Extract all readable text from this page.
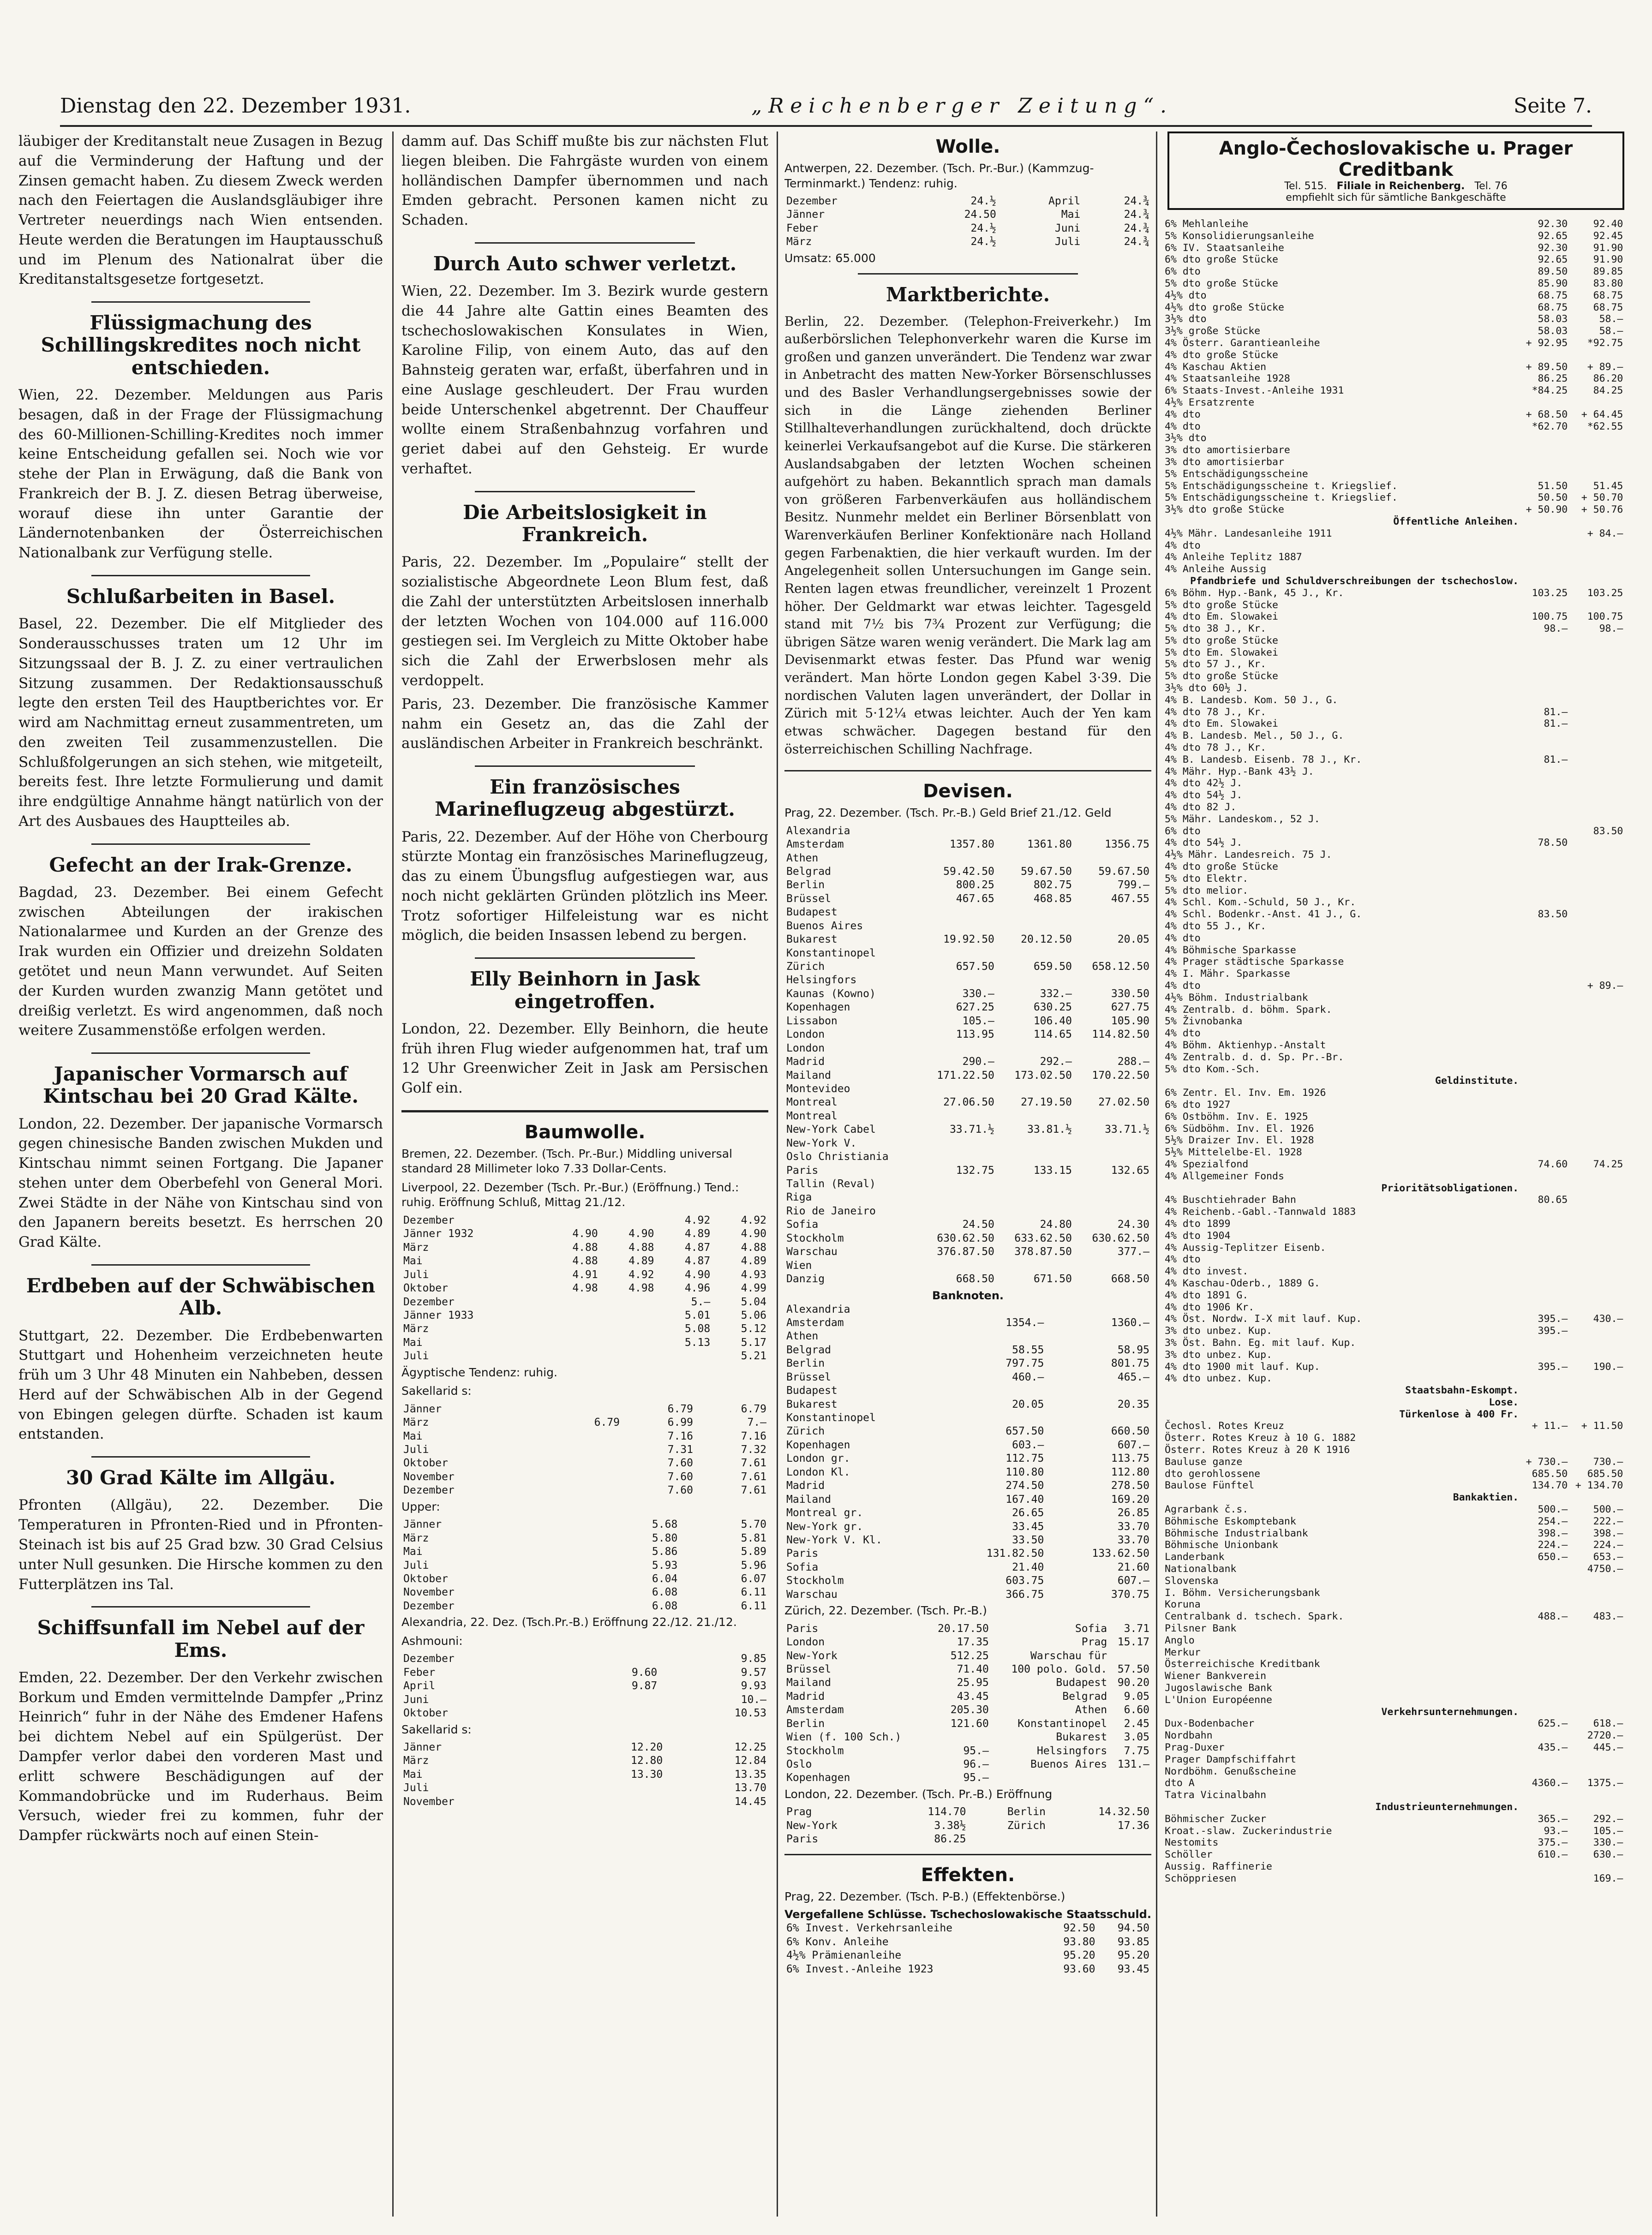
Dienstag den 22. Dezember 1931.	„Reichenberger Zeitung“.	Seite 7.

läubiger der Kreditanstalt neue Zusagen in Bezug auf die Verminderung der Haftung und der Zinsen gemacht haben. Zu diesem Zweck werden nach den Feiertagen die Auslandsgläubiger ihre Vertreter neuerdings nach Wien entsenden. Heute werden die Beratungen im Hauptausschuß und im Plenum des Nationalrat über die Kreditanstaltsgesetze fortgesetzt.

Flüssigmachung des Schillingskredites noch nicht entschieden.

Wien, 22. Dezember. Meldungen aus Paris besagen, daß in der Frage der Flüssigmachung des 60-Millionen-Schilling-Kredites noch immer keine Entscheidung gefallen sei. Noch wie vor stehe der Plan in Erwägung, daß die Bank von Frankreich der B. J. Z. diesen Betrag überweise, worauf diese ihn unter Garantie der Ländernotenbanken der Österreichischen Nationalbank zur Verfügung stelle.

Schlußarbeiten in Basel.

Basel, 22. Dezember. Die elf Mitglieder des Sonderausschusses traten um 12 Uhr im Sitzungssaal der B. J. Z. zu einer vertraulichen Sitzung zusammen. Der Redaktionsausschuß legte den ersten Teil des Hauptberichtes vor. Er wird am Nachmittag erneut zusammentreten, um den zweiten Teil zusammenzustellen. Die Schlußfolgerungen an sich stehen, wie mitgeteilt, bereits fest. Ihre letzte Formulierung und damit ihre endgültige Annahme hängt natürlich von der Art des Ausbaues des Hauptteiles ab.

Gefecht an der Irak-Grenze.

Bagdad, 23. Dezember. Bei einem Gefecht zwischen Abteilungen der irakischen Nationalarmee und Kurden an der Grenze des Irak wurden ein Offizier und dreizehn Soldaten getötet und neun Mann verwundet. Auf Seiten der Kurden wurden zwanzig Mann getötet und dreißig verletzt. Es wird angenommen, daß noch weitere Zusammenstöße erfolgen werden.

Japanischer Vormarsch auf Kintschau bei 20 Grad Kälte.

London, 22. Dezember. Der japanische Vormarsch gegen chinesische Banden zwischen Mukden und Kintschau nimmt seinen Fortgang. Die Japaner stehen unter dem Oberbefehl von General Mori. Zwei Städte in der Nähe von Kintschau sind von den Japanern bereits besetzt. Es herrschen 20 Grad Kälte.

Erdbeben auf der Schwäbischen Alb.

Stuttgart, 22. Dezember. Die Erdbebenwarten Stuttgart und Hohenheim verzeichneten heute früh um 3 Uhr 48 Minuten ein Nahbeben, dessen Herd auf der Schwäbischen Alb in der Gegend von Ebingen gelegen dürfte. Schaden ist kaum entstanden.

30 Grad Kälte im Allgäu.

Pfronten (Allgäu), 22. Dezember. Die Temperaturen in Pfronten-Ried und in Pfronten-Steinach ist bis auf 25 Grad bzw. 30 Grad Celsius unter Null gesunken. Die Hirsche kommen zu den Futterplätzen ins Tal.

Schiffsunfall im Nebel auf der Ems.

Emden, 22. Dezember. Der den Verkehr zwischen Borkum und Emden vermittelnde Dampfer „Prinz Heinrich“ fuhr in der Nähe des Emdener Hafens bei dichtem Nebel auf ein Spülgerüst. Der Dampfer verlor dabei den vorderen Mast und erlitt schwere Beschädigungen auf der Kommandobrücke und im Ruderhaus. Beim Versuch, wieder frei zu kommen, fuhr der Dampfer rückwärts noch auf einen Stein-

damm auf. Das Schiff mußte bis zur nächsten Flut liegen bleiben. Die Fahrgäste wurden von einem holländischen Dampfer übernommen und nach Emden gebracht. Personen kamen nicht zu Schaden.

Durch Auto schwer verletzt.

Wien, 22. Dezember. Im 3. Bezirk wurde gestern die 44 Jahre alte Gattin eines Beamten des tschechoslowakischen Konsulates in Wien, Karoline Filip, von einem Auto, das auf den Bahnsteig geraten war, erfaßt, überfahren und in eine Auslage geschleudert. Der Frau wurden beide Unterschenkel abgetrennt. Der Chauffeur wollte einem Straßenbahnzug vorfahren und geriet dabei auf den Gehsteig. Er wurde verhaftet.

Die Arbeitslosigkeit in Frankreich.

Paris, 22. Dezember. Im „Populaire“ stellt der sozialistische Abgeordnete Leon Blum fest, daß die Zahl der unterstützten Arbeitslosen innerhalb der letzten Wochen von 104.000 auf 116.000 gestiegen sei. Im Vergleich zu Mitte Oktober habe sich die Zahl der Erwerbslosen mehr als verdoppelt.

Paris, 23. Dezember. Die französische Kammer nahm ein Gesetz an, das die Zahl der ausländischen Arbeiter in Frankreich beschränkt.

Ein französisches Marineflugzeug abgestürzt.

Paris, 22. Dezember. Auf der Höhe von Cherbourg stürzte Montag ein französisches Marineflugzeug, das zu einem Übungsflug aufgestiegen war, aus noch nicht geklärten Gründen plötzlich ins Meer. Trotz sofortiger Hilfeleistung war es nicht möglich, die beiden Insassen lebend zu bergen.

Elly Beinhorn in Jask eingetroffen.

London, 22. Dezember. Elly Beinhorn, die heute früh ihren Flug wieder aufgenommen hat, traf um 12 Uhr Greenwicher Zeit in Jask am Persischen Golf ein.

Baumwolle.
Bremen, 22. Dezember. (Tsch. Pr.-Bur.) Middling universal standard 28 Millimeter loko 7.33 Dollar-Cents.
Liverpool, 22. Dezember (Tsch. Pr.-Bur.) (Eröffnung.) Tend.: ruhig. Eröffnung Schluß, Mittag 21./12.
Dezember			4.92	4.92
Jänner 1932	4.90	4.90	4.89	4.90
März	4.88	4.88	4.87	4.88
Mai	4.88	4.89	4.87	4.89
Juli	4.91	4.92	4.90	4.93
Oktober	4.98	4.98	4.96	4.99
Dezember			5.—	5.04
Jänner 1933			5.01	5.06
März			5.08	5.12
Mai			5.13	5.17
Juli				5.21
Ägyptische Tendenz: ruhig.
Sakellarid s:
Jänner			6.79	6.79
März		6.79	6.99	7.—
Mai			7.16	7.16
Juli			7.31	7.32
Oktober			7.60	7.61
November			7.60	7.61
Dezember			7.60	7.61
Upper:
Jänner			5.68	5.70
März			5.80	5.81
Mai			5.86	5.89
Juli			5.93	5.96
Oktober			6.04	6.07
November			6.08	6.11
Dezember			6.08	6.11
Alexandria, 22. Dez. (Tsch.Pr.-B.) Eröffnung 22./12. 21./12.
Ashmouni:
Dezember		9.85
Feber	9.60	9.57
April	9.87	9.93
Juni		10.—
Oktober		10.53
Sakellarid s:
Jänner	12.20	12.25
März	12.80	12.84
Mai	13.30	13.35
Juli		13.70
November		14.45
Wolle.
Antwerpen, 22. Dezember. (Tsch. Pr.-Bur.) (Kammzug-Terminmarkt.) Tendenz: ruhig.
Dezember	24.½	April	24.¾
Jänner	24.50	Mai	24.¾
Feber	24.½	Juni	24.¾
März	24.½	Juli	24.¾
Umsatz: 65.000
Marktberichte.

Berlin, 22. Dezember. (Telephon-Freiverkehr.) Im außerbörslichen Telephonverkehr waren die Kurse im großen und ganzen unverändert. Die Tendenz war zwar in Anbetracht des matten New-Yorker Börsenschlusses und des Basler Verhandlungsergebnisses sowie der sich in die Länge ziehenden Berliner Stillhalteverhandlungen zurückhaltend, doch drückte keinerlei Verkaufsangebot auf die Kurse. Die stärkeren Auslandsabgaben der letzten Wochen scheinen aufgehört zu haben. Bekanntlich sprach man damals von größeren Farbenverkäufen aus holländischem Besitz. Nunmehr meldet ein Berliner Börsenblatt von Warenverkäufen Berliner Konfektionäre nach Holland gegen Farbenaktien, die hier verkauft wurden. Im der Angelegenheit sollen Untersuchungen im Gange sein. Renten lagen etwas freundlicher, vereinzelt 1 Prozent höher. Der Geldmarkt war etwas leichter. Tagesgeld stand mit 7½ bis 7¾ Prozent zur Verfügung; die übrigen Sätze waren wenig verändert. Die Mark lag am Devisenmarkt etwas fester. Das Pfund war wenig verändert. Man hörte London gegen Kabel 3·39. Die nordischen Valuten lagen unverändert, der Dollar in Zürich mit 5·12¼ etwas leichter. Auch der Yen kam etwas schwächer. Dagegen bestand für den österreichischen Schilling Nachfrage.

Devisen.
Prag, 22. Dezember. (Tsch. Pr.-B.) Geld Brief 21./12. Geld
Alexandria			
Amsterdam	1357.80	1361.80	1356.75
Athen			
Belgrad	59.42.50	59.67.50	59.67.50
Berlin	800.25	802.75	799.—
Brüssel	467.65	468.85	467.55
Budapest			
Buenos Aires			
Bukarest	19.92.50	20.12.50	20.05
Konstantinopel			
Zürich	657.50	659.50	658.12.50
Helsingfors			
Kaunas (Kowno)	330.—	332.—	330.50
Kopenhagen	627.25	630.25	627.75
Lissabon	105.—	106.40	105.90
London	113.95	114.65	114.82.50
London			
Madrid	290.—	292.—	288.—
Mailand	171.22.50	173.02.50	170.22.50
Montevideo			
Montreal	27.06.50	27.19.50	27.02.50
Montreal			
New-York Cabel	33.71.½	33.81.½	33.71.½
New-York V.			
Oslo Christiania			
Paris	132.75	133.15	132.65
Tallin (Reval)			
Riga			
Rio de Janeiro			
Sofia	24.50	24.80	24.30
Stockholm	630.62.50	633.62.50	630.62.50
Warschau	376.87.50	378.87.50	377.—
Wien			
Danzig	668.50	671.50	668.50
Banknoten.
Alexandria			
Amsterdam	1354.—		1360.—
Athen			
Belgrad	58.55		58.95
Berlin	797.75		801.75
Brüssel	460.—		465.—
Budapest			
Bukarest	20.05		20.35
Konstantinopel			
Zürich	657.50		660.50
Kopenhagen	603.—		607.—
London gr.	112.75		113.75
London Kl.	110.80		112.80
Madrid	274.50		278.50
Mailand	167.40		169.20
Montreal gr.	26.65		26.85
New-York gr.	33.45		33.70
New-York V. Kl.	33.50		33.70
Paris	131.82.50		133.62.50
Sofia	21.40		21.60
Stockholm	603.75		607.—
Warschau	366.75		370.75
Zürich, 22. Dezember. (Tsch. Pr.-B.)
Paris	20.17.50	Sofia	3.71
London	17.35	Prag	15.17
New-York	512.25	Warschau für	
Brüssel	71.40	100 polo. Gold.	57.50
Mailand	25.95	Budapest	90.20
Madrid	43.45	Belgrad	9.05
Amsterdam	205.30	Athen	6.60
Berlin	121.60	Konstantinopel	2.45
Wien (f. 100 Sch.)		Bukarest	3.05
Stockholm	95.—	Helsingfors	7.75
Oslo	96.—	Buenos Aires	131.—
Kopenhagen	95.—		
London, 22. Dezember. (Tsch. Pr.-B.) Eröffnung
Prag	114.70	Berlin	14.32.50
New-York	3.38½	Zürich	17.36
Paris	86.25		
Effekten.
Prag, 22. Dezember. (Tsch. P-B.) (Effektenbörse.)
Vergefallene Schlüsse. Tschechoslowakische Staatsschuld.
6% Invest. Verkehrsanleihe	92.50	94.50
6% Konv. Anleihe	93.80	93.85
4½% Prämienanleihe	95.20	95.20
6% Invest.-Anleihe 1923	93.60	93.45
Anglo-Čechoslovakische u. Prager Creditbank
Tel. 515. Filiale in Reichenberg. Tel. 76
empfiehlt sich für sämtliche Bankgeschäfte
6% Mehlanleihe	92.30	92.40	
5% Konsolidierungsanleihe	92.65	92.45	
6% IV. Staatsanleihe	92.30	91.90	
6% dto große Stücke	92.65	91.90	
6% dto	89.50	89.85	
5% dto große Stücke	85.90	83.80	
4½% dto	68.75	68.75	
4½% dto große Stücke	68.75	68.75	
3½% dto	58.03	58.—	
3½% große Stücke	58.03	58.—	
4% Österr. Garantieanleihe	+ 92.95	*92.75	
4% dto große Stücke			
4% Kaschau Aktien	+ 89.50	+ 89.—	
4% Staatsanleihe 1928	86.25	86.20	
6% Staats-Invest.-Anleihe 1931	*84.25	84.25	
4½% Ersatzrente			
4% dto	+ 68.50	+ 64.45	
4% dto	*62.70	*62.55	
3½% dto			
3% dto amortisierbare			
3% dto amortisierbar			
5% Entschädigungsscheine			
5% Entschädigungsscheine t. Kriegslief.	51.50	51.45	
5% Entschädigungsscheine t. Kriegslief.	50.50	+ 50.70	
3½% dto große Stücke	+ 50.90	+ 50.76	
Öffentliche Anleihen.			
4½% Mähr. Landesanleihe 1911		+ 84.—	
4% dto			
4% Anleihe Teplitz 1887			
4% Anleihe Aussig			
Pfandbriefe und Schuldverschreibungen der tschechoslow.			
6% Böhm. Hyp.-Bank, 45 J., Kr.	103.25	103.25	
5% dto große Stücke			
4% dto Em. Slowakei	100.75	100.75	
5% dto 38 J., Kr.	98.—	98.—	
5% dto große Stücke			
5% dto Em. Slowakei			
5% dto 57 J., Kr.			
5% dto große Stücke			
3½% dto 60½ J.			
4% B. Landesb. Kom. 50 J., G.			
4% dto 78 J., Kr.	81.—		
4% dto Em. Slowakei	81.—		
4% B. Landesb. Mel., 50 J., G.			
4% dto 78 J., Kr.			
4% B. Landesb. Eisenb. 78 J., Kr.	81.—		
4% Mähr. Hyp.-Bank 43½ J.			
4% dto 42½ J.			
4% dto 54½ J.			
4% dto 82 J.			
5% Mähr. Landeskom., 52 J.			
6% dto		83.50	
4% dto 54½ J.	78.50		
4½% Mähr. Landesreich. 75 J.			
4% dto große Stücke			
5% dto Elektr.			
5% dto melior.			
4% Schl. Kom.-Schuld, 50 J., Kr.			
4% Schl. Bodenkr.-Anst. 41 J., G.	83.50		
4% dto 55 J., Kr.			
4% dto			
4% Böhmische Sparkasse			
4% Prager städtische Sparkasse			
4% I. Mähr. Sparkasse			
4% dto		+ 89.—	
4½% Böhm. Industrialbank			
4% Zentralb. d. böhm. Spark.			
5% Živnobanka			
4% dto			
4% Böhm. Aktienhyp.-Anstalt			
4% Zentralb. d. d. Sp. Pr.-Br.			
5% dto Kom.-Sch.			
Geldinstitute.			
6% Zentr. El. Inv. Em. 1926			
6% dto 1927			
6% Ostböhm. Inv. E. 1925			
6% Südböhm. Inv. El. 1926			
5½% Draizer Inv. El. 1928			
5½% Mittelelbe-El. 1928			
4% Spezialfond	74.60	74.25	
4% Allgemeiner Fonds			
Prioritätsobligationen.			
4% Buschtiehrader Bahn	80.65		
4% Reichenb.-Gabl.-Tannwald 1883			
4% dto 1899			
4% dto 1904			
4% Aussig-Teplitzer Eisenb.			
4% dto			
4% dto invest.			
4% Kaschau-Oderb., 1889 G.			
4% dto 1891 G.			
4% dto 1906 Kr.			
4% Öst. Nordw. I-X mit lauf. Kup.	395.—	430.—	
3% dto unbez. Kup.	395.—		
3% Öst. Bahn. Eg. mit lauf. Kup.			
3% dto unbez. Kup.			
4% dto 1900 mit lauf. Kup.	395.—	190.—	
4% dto unbez. Kup.			
Staatsbahn-Eskompt.			
Lose.			
Türkenlose à 400 Fr.			
Čechosl. Rotes Kreuz	+ 11.—	+ 11.50	
Österr. Rotes Kreuz à 10 G. 1882			
Österr. Rotes Kreuz à 20 K 1916			
Bauluse ganze	+ 730.—	730.—	
dto gerohlossene	685.50	685.50	
Baulose Fünftel	134.70	+ 134.70	
Bankaktien.			
Agrarbank č.s.	500.—	500.—	
Böhmische Eskomptebank	254.—	222.—	
Böhmische Industrialbank	398.—	398.—	
Böhmische Unionbank	224.—	224.—	
Landerbank	650.—	653.—	
Nationalbank		4750.—	
Slovenska			
I. Böhm. Versicherungsbank			
Koruna			
Centralbank d. tschech. Spark.	488.—	483.—	
Pilsner Bank			
Anglo			
Merkur			
Österreichische Kreditbank			
Wiener Bankverein			
Jugoslawische Bank			
L'Union Européenne			
Verkehrsunternehmungen.			
Dux-Bodenbacher	625.—	618.—	
Nordbahn		2720.—	
Prag-Duxer	435.—	445.—	
Prager Dampfschiffahrt			
Nordböhm. Genußscheine			
dto A	4360.—	1375.—	
Tatra Vicinalbahn			
Industrieunternehmungen.			
Böhmischer Zucker	365.—	292.—	
Kroat.-slaw. Zuckerindustrie	93.—	105.—	
Nestomits	375.—	330.—	
Schöller	610.—	630.—	
Aussig. Raffinerie			
Schöppriesen		169.—	
